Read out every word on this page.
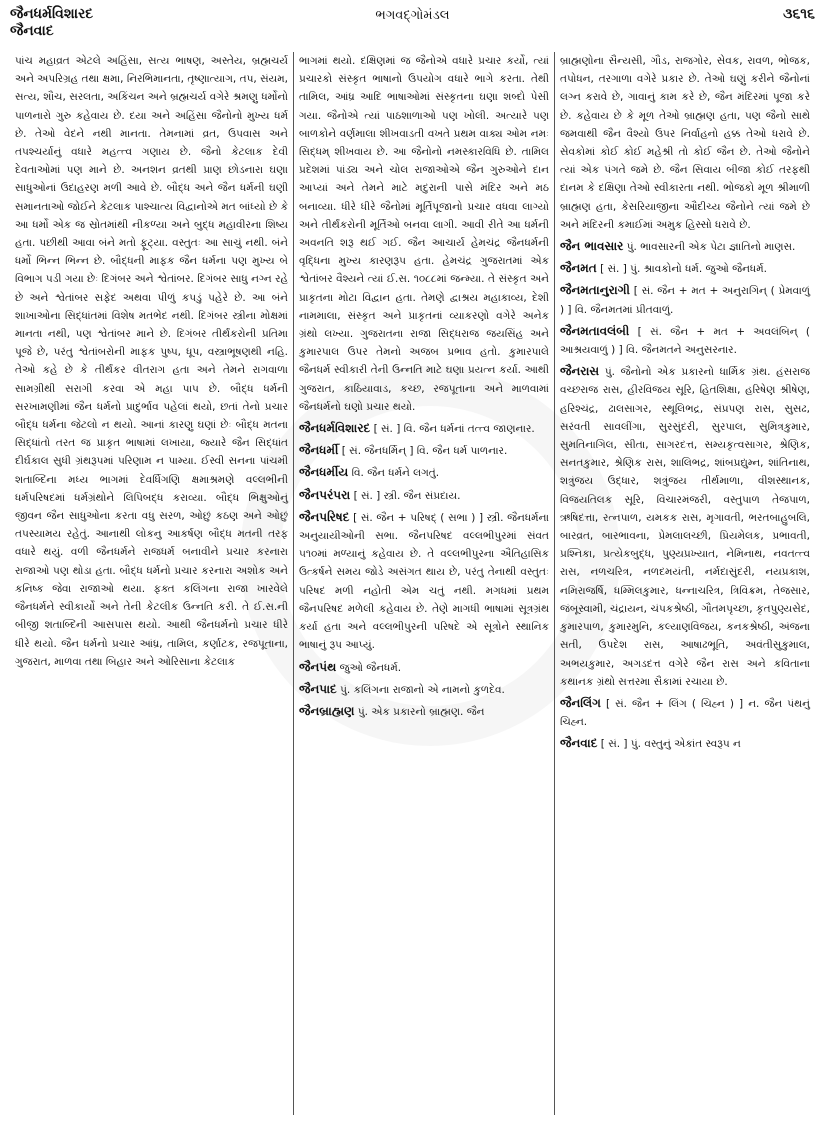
જૈનધર્મવિશારદ
જૈનવાદ
ભગવદ્ગોમંડલ	૩૬૧૬

પાંચ મહાવ્રત એટલે અહિંસા, સત્ય ભાષણ, અસ્તેય, બ્રહ્મચર્ય અને અપરિગ્રહ તથા ક્ષમા, નિરભિમાનતા, તૃષ્ણાત્યાગ, તપ, સંયમ, સત્ય, શૌચ, સરલતા, અકિંચન અને બ્રહ્મચર્ય વગેરે શ્રમણુ ધર્મોનો પાળનારો ગુરુ કહેવાય છે. દયા અને અહિંસા જૈનોનો મુખ્ય ધર્મ છે. તેઓ વેદને નથી માનતા. તેમનામાં વ્રત, ઉપવાસ અને તપશ્ચર્યાનું વધારે મહત્ત્વ ગણાય છે. જૈનો કેટલાક દેવી દેવતાઓમાં પણ માને છે. અનશન વ્રતથી પ્રાણ છોડનારા ઘણા સાધુઓનાં ઉદાહરણ મળી આવે છે. બૌદ્ધ અને જૈન ધર્મની ઘણી સમાનતાઓ જોઈને કેટલાક પાશ્ચાત્ય વિદ્વાનોએ મત બાંધ્યો છે કે આ ધર્મો એક જ સ્રોતમાંથી નીકળ્યા અને બુદ્ધ મહાવીરના શિષ્ય હતા. પછીથી આવા બંને મતો ફૂટ્યા. વસ્તુતઃ આ સાચું નથી. બંને ધર્મો ભિન્ન ભિન્ન છે. બૌદ્ધની માફક જૈન ધર્મના પણ મુખ્ય બે વિભાગ પડી ગયા છેઃ દિગંબર અને શ્વેતાંબર. દિગંબર સાધુ નગ્ન રહે છે અને શ્વેતાંબર સફેદ અથવા પીળું કપડું પહેરે છે. આ બંને શાખાઓના સિદ્ધાંતમાં વિશેષ મતભેદ નથી. દિગંબર સ્ત્રીના મોક્ષમાં માનતા નથી, પણ શ્વેતાંબર માને છે. દિગંબર તીર્થંકરોની પ્રતિમા પૂજે છે, પરંતુ શ્વેતાંબરોની માફક પુષ્પ, ધૂપ, વસ્ત્રાભૂષણથી નહિ. તેઓ કહે છે કે તીર્થંકર વીતરાગ હતા અને તેમને રાગવાળા સામગ્રીથી સરાગી કરવા એ મહા પાપ છે. બૌદ્ધ ધર્મની સરખામણીમાં જૈન ધર્મનો પ્રાદુર્ભાવ પહેલાં થયો, છતાં તેનો પ્રચાર બૌદ્ધ ધર્મના જેટલો ન થયો. આનાં કારણુ ઘણાં છેઃ બૌદ્ધ મતના સિદ્ધાંતો તરત જ પ્રાકૃત ભાષામાં લખાયા, જ્યારે જૈન સિદ્ધાંત દીર્ઘકાલ સુધી ગ્રંથરૂપમાં પરિણામ ન પામ્યા. ઈસ્વી સનના પાંચમી શતાબ્દિના મધ્ય ભાગમાં દેવર્ધિગણિ ક્ષમાશ્રમણે વલ્લભીની ધર્મપરિષદમાં ધર્મગ્રંથોને લિપિબદ્ધ કરાવ્યા. બૌદ્ધ ભિક્ષુઓનું જીવન જૈન સાધુઓના કરતા વધુ સરળ, ઓછું કઠણ અને ઓછું તપસ્યામય રહેતું. આનાથી લોકનુ આકર્ષણ બૌદ્ધ મતની તરફ વધારે થયું. વળી જૈનધર્મને રાજધર્મ બનાવીને પ્રચાર કરનારા રાજાઓ પણ થોડા હતા. બૌદ્ધ ધર્મનો પ્રચાર કરનારા અશોક અને કનિષ્ક જેવા રાજાઓ થયા. ફક્ત કલિંગના રાજા ખારવેલે જૈનધર્મને સ્વીકાર્યો અને તેની કેટલીક ઉન્નતિ કરી. તે ઈ.સ.ની બીજી શતાબ્દિની આસપાસ થયો. આથી જૈનધર્મનો પ્રચાર ધીરે ધીરે થયો. જૈન ધર્મનો પ્રચાર આંધ્ર, તામિલ, કર્ણાટક, રજપૂતાના, ગુજરાત, માળવા તથા બિહાર અને ઓરિસાના કેટલાક

ભાગમાં થયો. દક્ષિણમાં જ જૈનોએ વધારે પ્રચાર કર્યો, ત્યાં પ્રચારકો સંસ્કૃત ભાષાનો ઉપયોગ વધારે ભાગે કરતા. તેથી તામિલ, આંધ્ર આદિ ભાષાઓમાં સંસ્કૃતના ઘણા શબ્દો પેસી ગયા. જૈનોએ ત્યાં પાઠશાળાઓ પણ ખોલી. અત્યારે પણ બાળકોને વર્ણમાલા શીખવાડતી વખતે પ્રથમ વાક્ય ઓમ નમઃ સિદ્ધમ્ શીખવાય છે. આ જૈનોનો નમસ્કારવિધિ છે. તામિલ પ્રદેશમાં પાંડ્ય અને ચોલ રાજાઓએ જૈન ગુરુઓને દાન આપ્યાં અને તેમને માટે મદુરાની પાસે મંદિર અને મઠ બનાવ્યા. ધીરે ધીરે જૈનોમાં મૂર્તિપૂજાનો પ્રચાર વધવા લાગ્યો અને તીર્થંકરોની મૂર્તિઓ બનવા લાગી. આવી રીતે આ ધર્મની અવનતિ શરૂ થઈ ગઈ. જૈન આચાર્ય હેમચંદ્ર જૈનધર્મની વૃદ્ધિના મુખ્ય કારણરૂપ હતા. હેમચંદ્ર ગુજરાતમાં એક શ્વેતાંબર વૈશ્યને ત્યાં ઈ.સ. ૧૦૮૮માં જન્મ્યા. તે સંસ્કૃત અને પ્રાકૃતના મોટા વિદ્વાન હતા. તેમણે દ્વાશ્રય મહાકાવ્ય, દેશી નામમાલા, સંસ્કૃત અને પ્રાકૃતનાં વ્યાકરણો વગેરે અનેક ગ્રંથો લખ્યા. ગુજરાતના રાજા સિદ્ધરાજ જયસિંહ અને કુમારપાલ ઉપર તેમનો અજબ પ્રભાવ હતો. કુમારપાલે જૈનધર્મ સ્વીકારી તેની ઉન્નતિ માટે ઘણા પ્રયત્ન કર્યા. આથી ગુજરાત, કાઠિયાવાડ, કચ્છ, રજપૂતાના અને માળવામાં જૈનધર્મનો ઘણો પ્રચાર થયો.

જૈનધર્મવિશારદ [ સં. ] વિ. જૈન ધર્મનાં તત્ત્વ જાણનાર.

જૈનધર્મી [ સં. જૈનધર્મિન્ ] વિ. જૈન ધર્મ પાળનાર.

જૈનધર્મીય વિ. જૈન ધર્મને લગતું.

જૈનપરંપરા [ સં. ] સ્ત્રી. જૈન સંપ્રદાય.

જૈનપરિષદ [ સં. જૈન + પરિષદ્ ( સભા ) ] સ્ત્રી. જૈનધર્મના અનુયાયીઓની સભા. જૈનપરિષદ વલ્લભીપુરમાં સંવત ૫૧૦માં મળ્યાનું કહેવાય છે. તે વલ્લભીપુરના ઐતિહાસિક ઉત્કર્ષને સમય જોડે અસંગત થાય છે, પરંતુ તેનાથી વસ્તુતઃ પરિષદ મળી નહોતી એમ ચતું નથી. મગધમાં પ્રથમ જૈનપરિષદ મળેલી કહેવાય છે. તેણે માગધી ભાષામાં સૂત્રગ્રંથ કર્યા હતા અને વલ્લભીપુરની પરિષદે એ સૂત્રોને સ્થાનિક ભાષાનું રૂપ આપ્યું.

જૈનપંથ જુઓ જૈનધર્મ.

જૈનપાદ પું. કલિંગના રાજાનો એ નામનો કુળદેવ.

જૈનબ્રાહ્મણ પું. એક પ્રકારનો બ્રાહ્મણ. જૈન

બ્રાહ્મણોના સૈન્યસી, ગૌડ, રાજગોર, સેવક, રાવળ, ભોજક, તપોધન, તરગાળા વગેરે પ્રકાર છે. તેઓ ઘણું કરીને જૈનોનાં લગ્ન કરાવે છે, ગાવાનું કામ કરે છે, જૈન મંદિરમાં પૂજા કરે છે. કહેવાય છે કે મૂળ તેઓ બ્રાહ્મણ હતા, પણ જૈનો સાથે જમવાથી જૈન વૈશ્યો ઉપર નિર્વાહનો હક્ક તેઓ ધરાવે છે. સેવકોમાં કોઈ કોઈ મહેશ્રી તો કોઈ જૈન છે. તેઓ જૈનોને ત્યાં એક પંગતે જમે છે. જૈન સિવાય બીજા કોઈ તરફથી દાનમ કે દક્ષિણા તેઓ સ્વીકારતા નથી. ભોજકો મૂળ શ્રીમાળી બ્રાહ્મણ હતા, કેસરિયાજીના ઔદીચ્ય જૈનોને ત્યાં જમે છે અને મંદિરની કમાઈમાં અમુક હિસ્સો ધરાવે છે.

જૈન ભાવસાર પું. ભાવસારની એક પેટા જ્ઞાતિનો માણસ.

જૈનમત [ સં. ] પું. શ્રાવકોનો ધર્મ. જુઓ જૈનધર્મ.

જૈનમતાનુરાગી [ સં. જૈન + મત + અનુરાગિન્ ( પ્રેમવાળું ) ] વિ. જૈનમતમાં પ્રીતવાળું.

જૈનમતાવલંબી [ સં. જૈન + મત + અવલંબિન્ ( આશ્રયવાળું ) ] વિ. જૈનમતને અનુસરનાર.

જૈનરાસ પું. જૈનોનો એક પ્રકારનો ધાર્મિક ગ્રંથ. હંસરાજ વચ્છરાજ રાસ, હીરવિજય સૂરિ, હિતશિક્ષા, હરિષેણ શ્રીષેણ, હરિશ્ચંદ્ર, ઢાલસાગર, સ્થૂલિભદ્ર, સંપ્રપણ રાસ, સુસઢ, સરંવતી સાવલીંગા, સુરસુંદરી, સુરપાલ, સુમિત્રકુમાર, સુમતિનાગિલ, સીતા, સાગરદત્ત, સમ્યકૃત્વસાગર, શ્રેણિક, સનતકુમાર, શ્રેણિક રાસ, શાલિભદ્ર, શાંબપ્રદ્યુમ્ન, શાંતિનાથ, શત્રુંજય ઉદ્ધાર, શત્રુંજય તીર્થમાળા, વીશસ્થાનક, વિજયતિલક સૂરિ, વિચારમંજરી, વસ્તુપાળ તેજપાળ, ઋષિદત્તા, રત્નપાળ, યમકક રાસ, મૃગાવતી, ભરતબાહુબલિ, બારવ્રત, બારભાવના, પ્રેમલાલચ્છી, પ્રિયમેલક, પ્રભાવતી, પ્રશ્નિકા, પ્રત્યેકબુદ્ધ, પુણ્યપ્રખ્યાત, નેમિનાથ, નવતત્ત્વ રાસ, નળચરિત્ર, નળદમયંતી, નર્મદાસુંદરી, નયપ્રકાશ, નમિરાજર્ષિ, ધમ્મિલકુમાર, ધન્નાચરિત્ર, ત્રિવિક્રમ, તેજસાર, જંબૂસ્વામી, ચંદ્રાયન, ચંપકશ્રેષ્ઠી, ગૌતમપૃચ્છા, કૃતપુણ્યસેદ, કુમારપાળ, કુમારમુનિ, કલ્યાણવિજય, કનકશ્રેષ્ઠી, અંજના સતી, ઉપદેશ રાસ, આષાઢભૂતિ, અવંતીસુકુમાલ, અભયકુમાર, અગડદત્ત વગેરે જૈન રાસ અને કવિતાના કથાનક ગ્રંથો સત્તરમા સૈકામાં રચાયા છે.

જૈનલિંગ [ સં. જૈન + લિંગ ( ચિહ્ન ) ] ન. જૈન પંથનું ચિહ્ન.

જૈનવાદ [ સં. ] પું. વસ્તુનું એકાંત સ્વરૂપ ન
